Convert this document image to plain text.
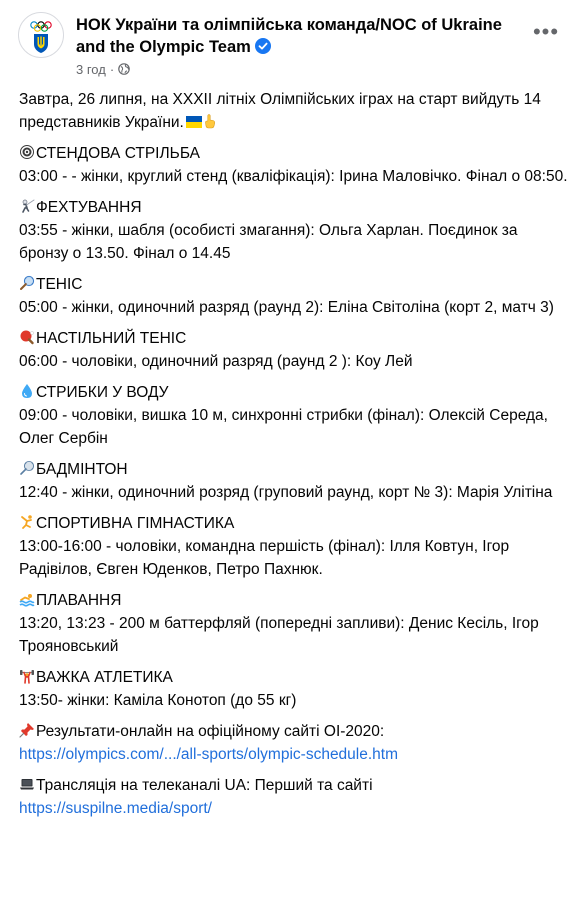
НОК України та олімпійська команда/NOC of Ukraine and the Olympic Team
3 год ·
•••

Завтра, 26 липня, на XXXII літніх Олімпійських іграх на старт вийдуть 14 представників України.

СТЕНДОВА СТРІЛЬБА

03:00 - - жінки, круглий стенд (кваліфікація): Ірина Маловічко. Фінал о 08:50.

ФЕХТУВАННЯ

03:55 - жінки, шабля (особисті змагання): Ольга Харлан. Поєдинок за бронзу о 13.50. Фінал о 14.45

ТЕНІС

05:00 - жінки, одиночний разряд (раунд 2): Еліна Світоліна (корт 2, матч 3)

НАСТІЛЬНИЙ ТЕНІС

06:00 - чоловіки, одиночний разряд (раунд 2 ): Коу Лей

СТРИБКИ У ВОДУ

09:00 - чоловіки, вишка 10 м, синхронні стрибки (фінал): Олексій Середа, Олег Сербін

БАДМІНТОН

12:40 - жінки, одиночний розряд (груповий раунд, корт № 3): Марія Улітіна

СПОРТИВНА ГІМНАСТИКА

13:00-16:00 - чоловіки, командна першість (фінал): Ілля Ковтун, Ігор Радівілов, Євген Юденков, Петро Пахнюк.

ПЛАВАННЯ

13:20, 13:23 - 200 м баттерфляй (попередні запливи): Денис Кесіль, Ігор Трояновський

ВАЖКА АТЛЕТИКА

13:50- жінки: Каміла Конотоп (до 55 кг)

Результати-онлайн на офіційному сайті ОІ-2020:

https://olympics.com/.../all-sports/olympic-schedule.htm

Трансляція на телеканалі UA: Перший та сайті

https://suspilne.media/sport/
